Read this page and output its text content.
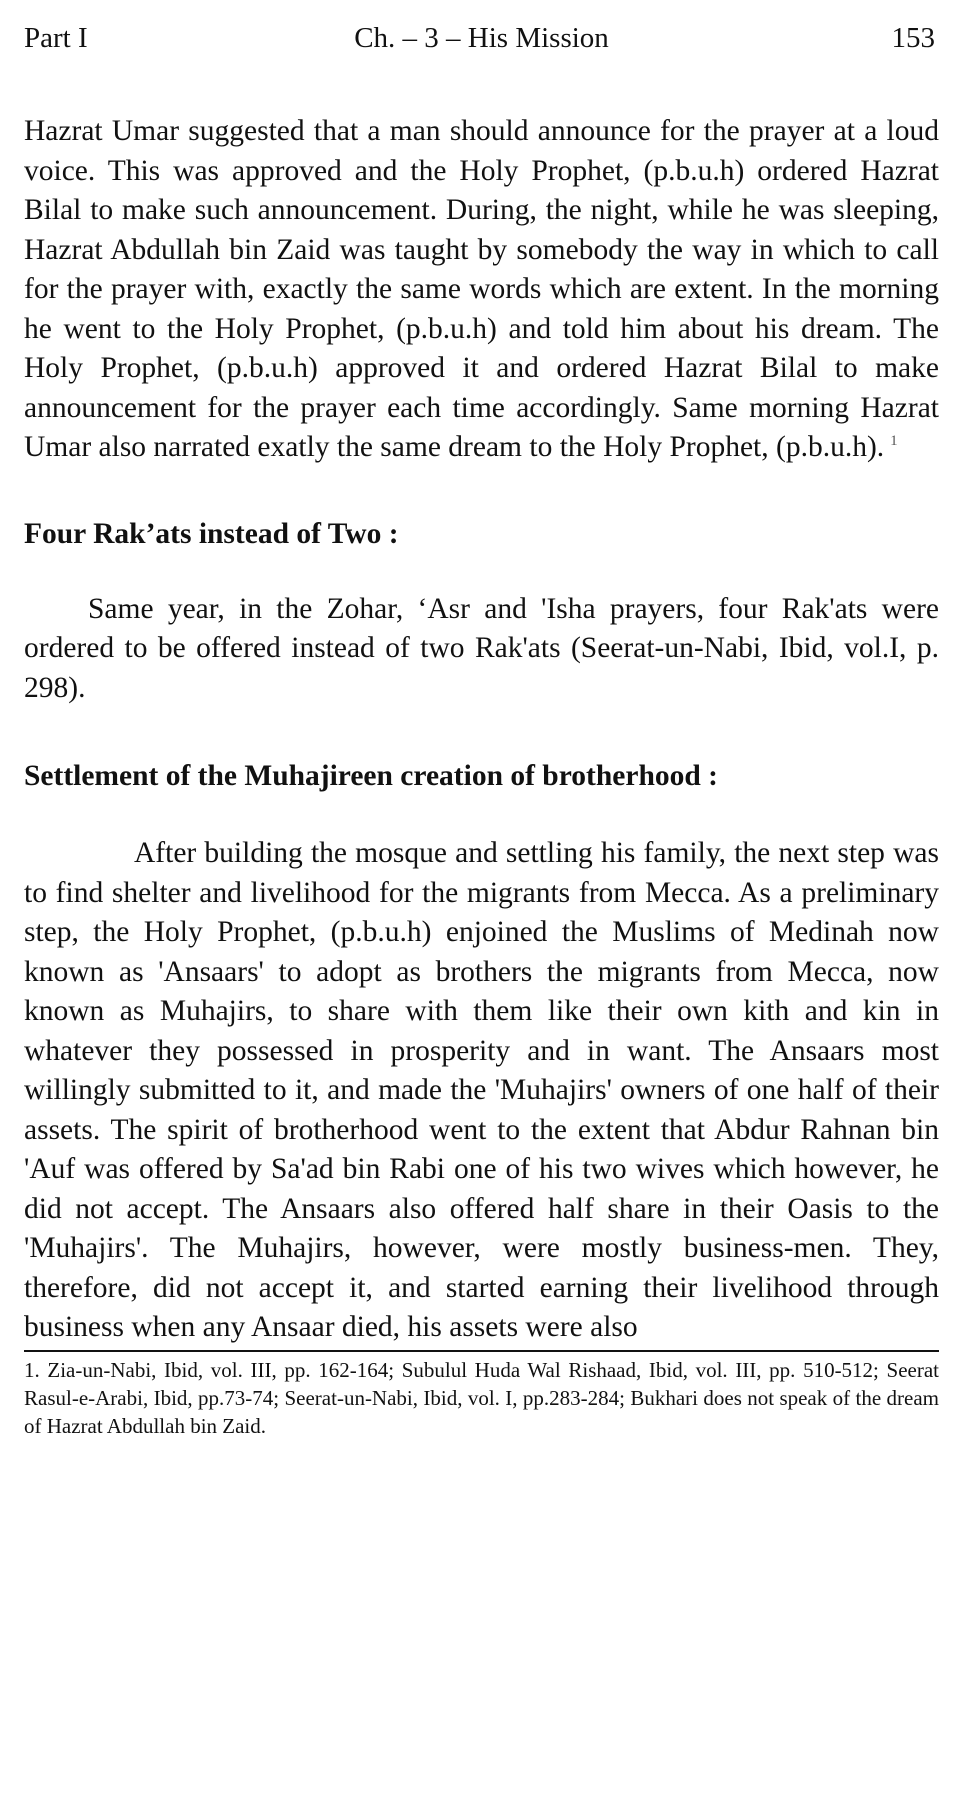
Part I	Ch. – 3 – His Mission	153

Hazrat Umar suggested that a man should announce for the prayer at a loud voice. This was approved and the Holy Prophet, (p.b.u.h) ordered Hazrat Bilal to make such announcement. During, the night, while he was sleeping, Hazrat Abdullah bin Zaid was taught by somebody the way in which to call for the prayer with, exactly the same words which are extent. In the morning he went to the Holy Prophet, (p.b.u.h) and told him about his dream. The Holy Prophet, (p.b.u.h) approved it and ordered Hazrat Bilal to make announcement for the prayer each time accordingly. Same morning Hazrat Umar also narrated exatly the same dream to the Holy Prophet, (p.b.u.h). $^1$

Four Rak’ats instead of Two :

Same year, in the Zohar, ‘Asr and 'Isha prayers, four Rak'ats were ordered to be offered instead of two Rak'ats (Seerat-un-Nabi, Ibid, vol.I, p. 298).

Settlement of the Muhajireen creation of brotherhood :

After building the mosque and settling his family, the next step was to find shelter and livelihood for the migrants from Mecca. As a preliminary step, the Holy Prophet, (p.b.u.h) enjoined the Muslims of Medinah now known as 'Ansaars' to adopt as brothers the migrants from Mecca, now known as Muhajirs, to share with them like their own kith and kin in whatever they possessed in prosperity and in want. The Ansaars most willingly submitted to it, and made the 'Muhajirs' owners of one half of their assets. The spirit of brotherhood went to the extent that Abdur Rahnan bin 'Auf was offered by Sa'ad bin Rabi one of his two wives which however, he did not accept. The Ansaars also offered half share in their Oasis to the 'Muhajirs'. The Muhajirs, however, were mostly business-men. They, therefore, did not accept it, and started earning their livelihood through business when any Ansaar died, his assets were also

1. Zia-un-Nabi, Ibid, vol. III, pp. 162-164; Subulul Huda Wal Rishaad, Ibid, vol. III, pp. 510-512; Seerat Rasul-e-Arabi, Ibid, pp.73-74; Seerat-un-Nabi, Ibid, vol. I, pp.283-284; Bukhari does not speak of the dream of Hazrat Abdullah bin Zaid.
